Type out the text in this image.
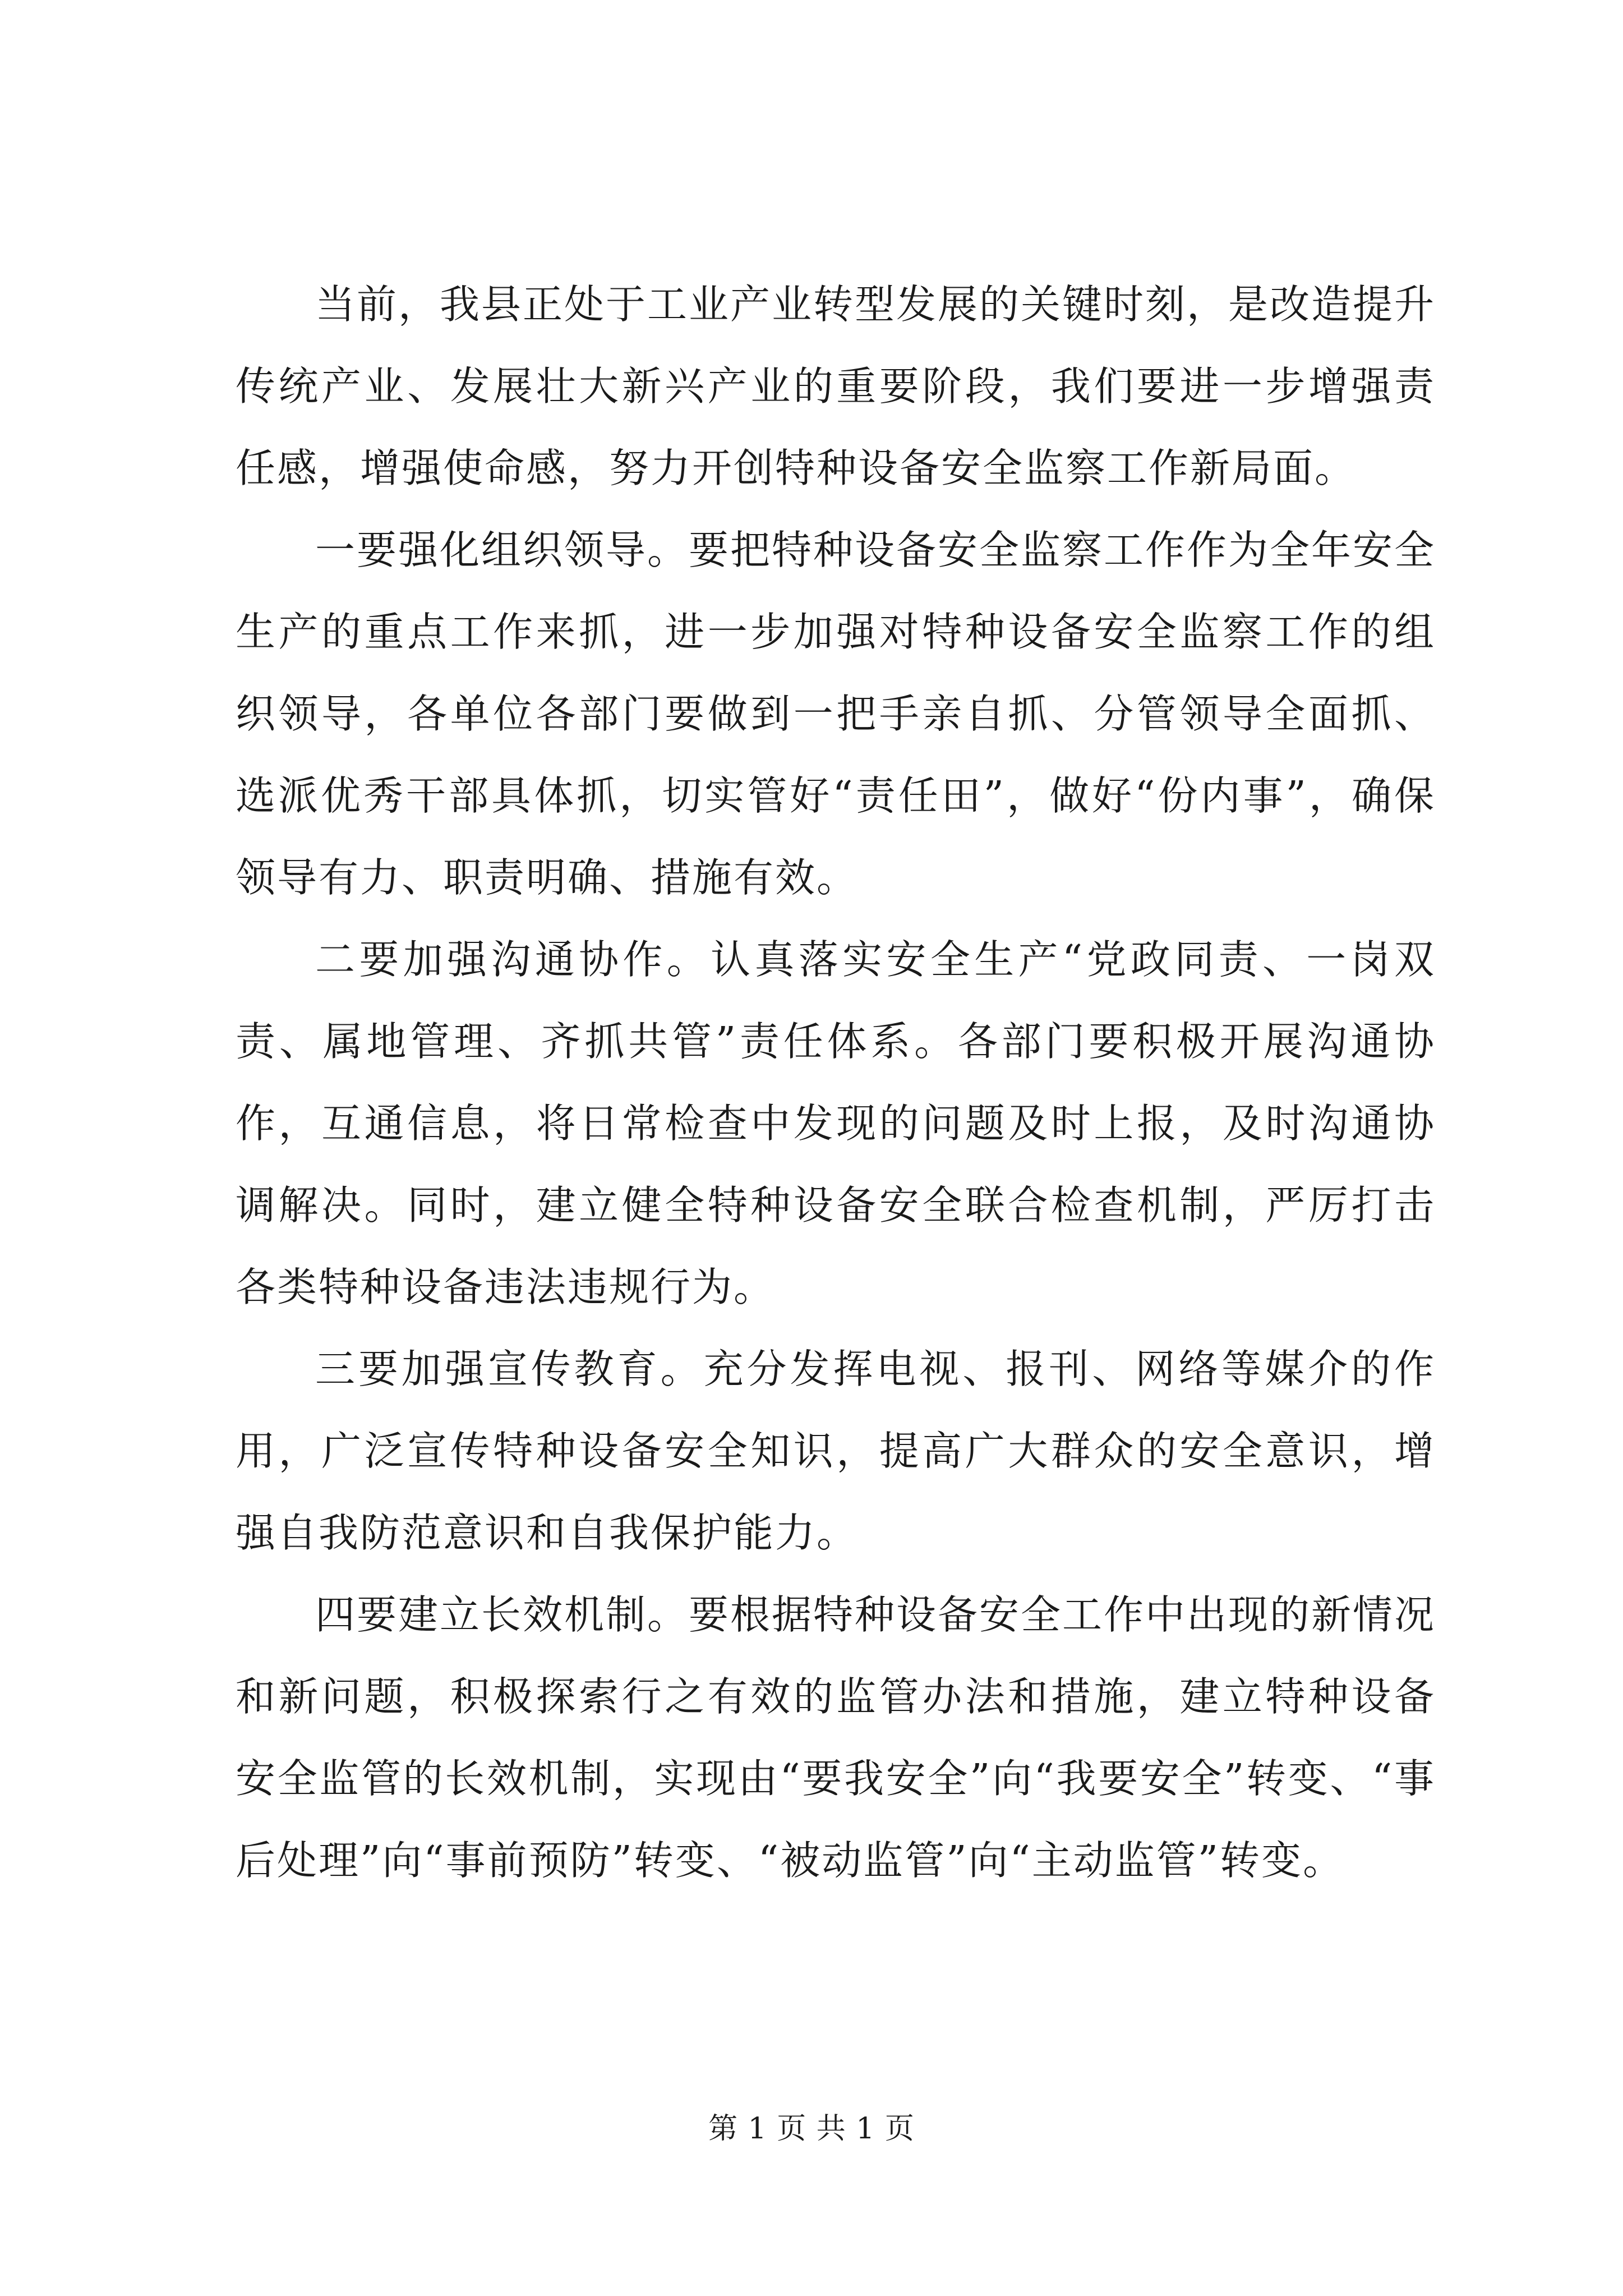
当前，我县正处于工业产业转型发展的关键时刻，是改造提升传统产业、发展壮大新兴产业的重要阶段，我们要进一步增强责任感，增强使命感，努力开创特种设备安全监察工作新局面。

一要强化组织领导。要把特种设备安全监察工作作为全年安全生产的重点工作来抓，进一步加强对特种设备安全监察工作的组织领导，各单位各部门要做到一把手亲自抓、分管领导全面抓、选派优秀干部具体抓，切实管好“责任田”，做好“份内事”，确保领导有力、职责明确、措施有效。

二要加强沟通协作。认真落实安全生产“党政同责、一岗双责、属地管理、齐抓共管”责任体系。各部门要积极开展沟通协作，互通信息，将日常检查中发现的问题及时上报，及时沟通协调解决。同时，建立健全特种设备安全联合检查机制，严厉打击各类特种设备违法违规行为。

三要加强宣传教育。充分发挥电视、报刊、网络等媒介的作用，广泛宣传特种设备安全知识，提高广大群众的安全意识，增强自我防范意识和自我保护能力。

四要建立长效机制。要根据特种设备安全工作中出现的新情况和新问题，积极探索行之有效的监管办法和措施，建立特种设备安全监管的长效机制，实现由“要我安全”向“我要安全”转变、“事后处理”向“事前预防”转变、“被动监管”向“主动监管”转变。

第 1 页 共 1 页
